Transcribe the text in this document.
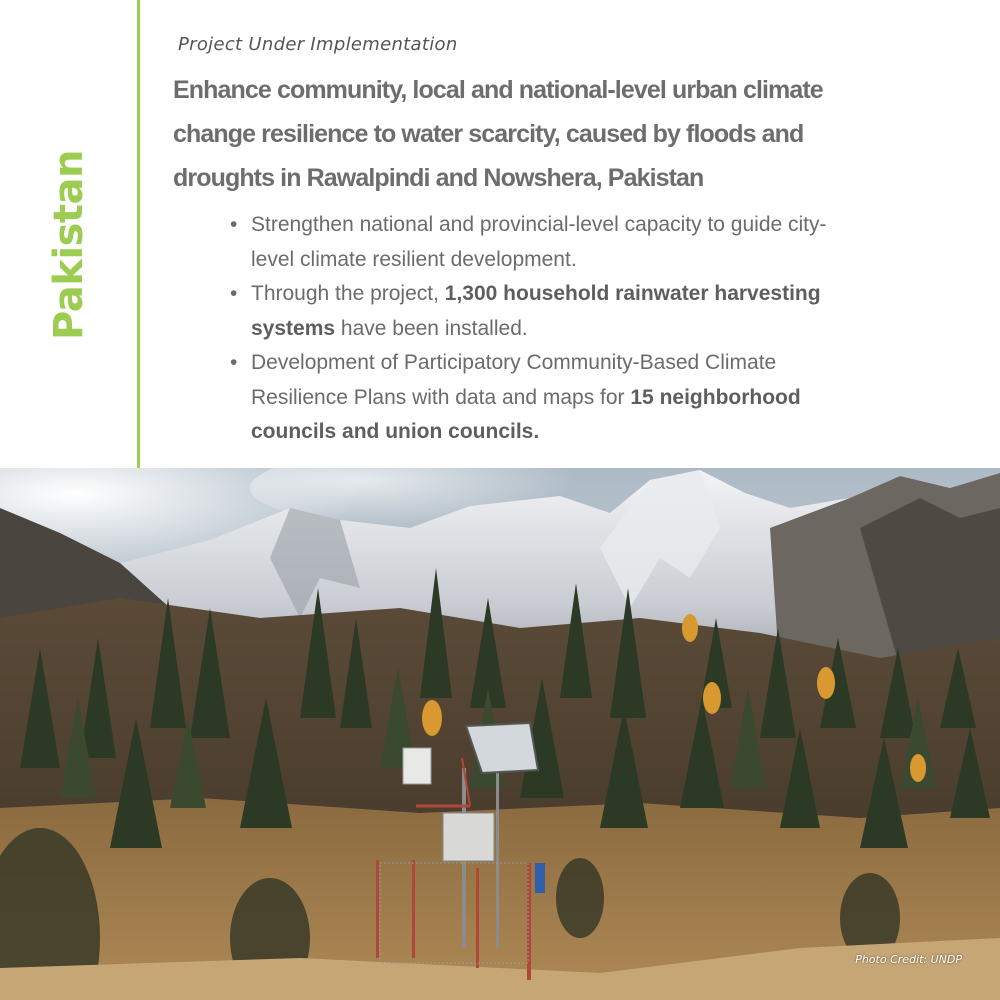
Pakistan
Project Under Implementation
Enhance community, local and national-level urban climate change resilience to water scarcity, caused by floods and droughts in Rawalpindi and Nowshera, Pakistan
• Strengthen national and provincial-level capacity to guide city-level climate resilient development.
• Through the project, 1,300 household rainwater harvesting systems have been installed.
• Development of Participatory Community-Based Climate Resilience Plans with data and maps for 15 neighborhood councils and union councils.
Photo Credit: UNDP
